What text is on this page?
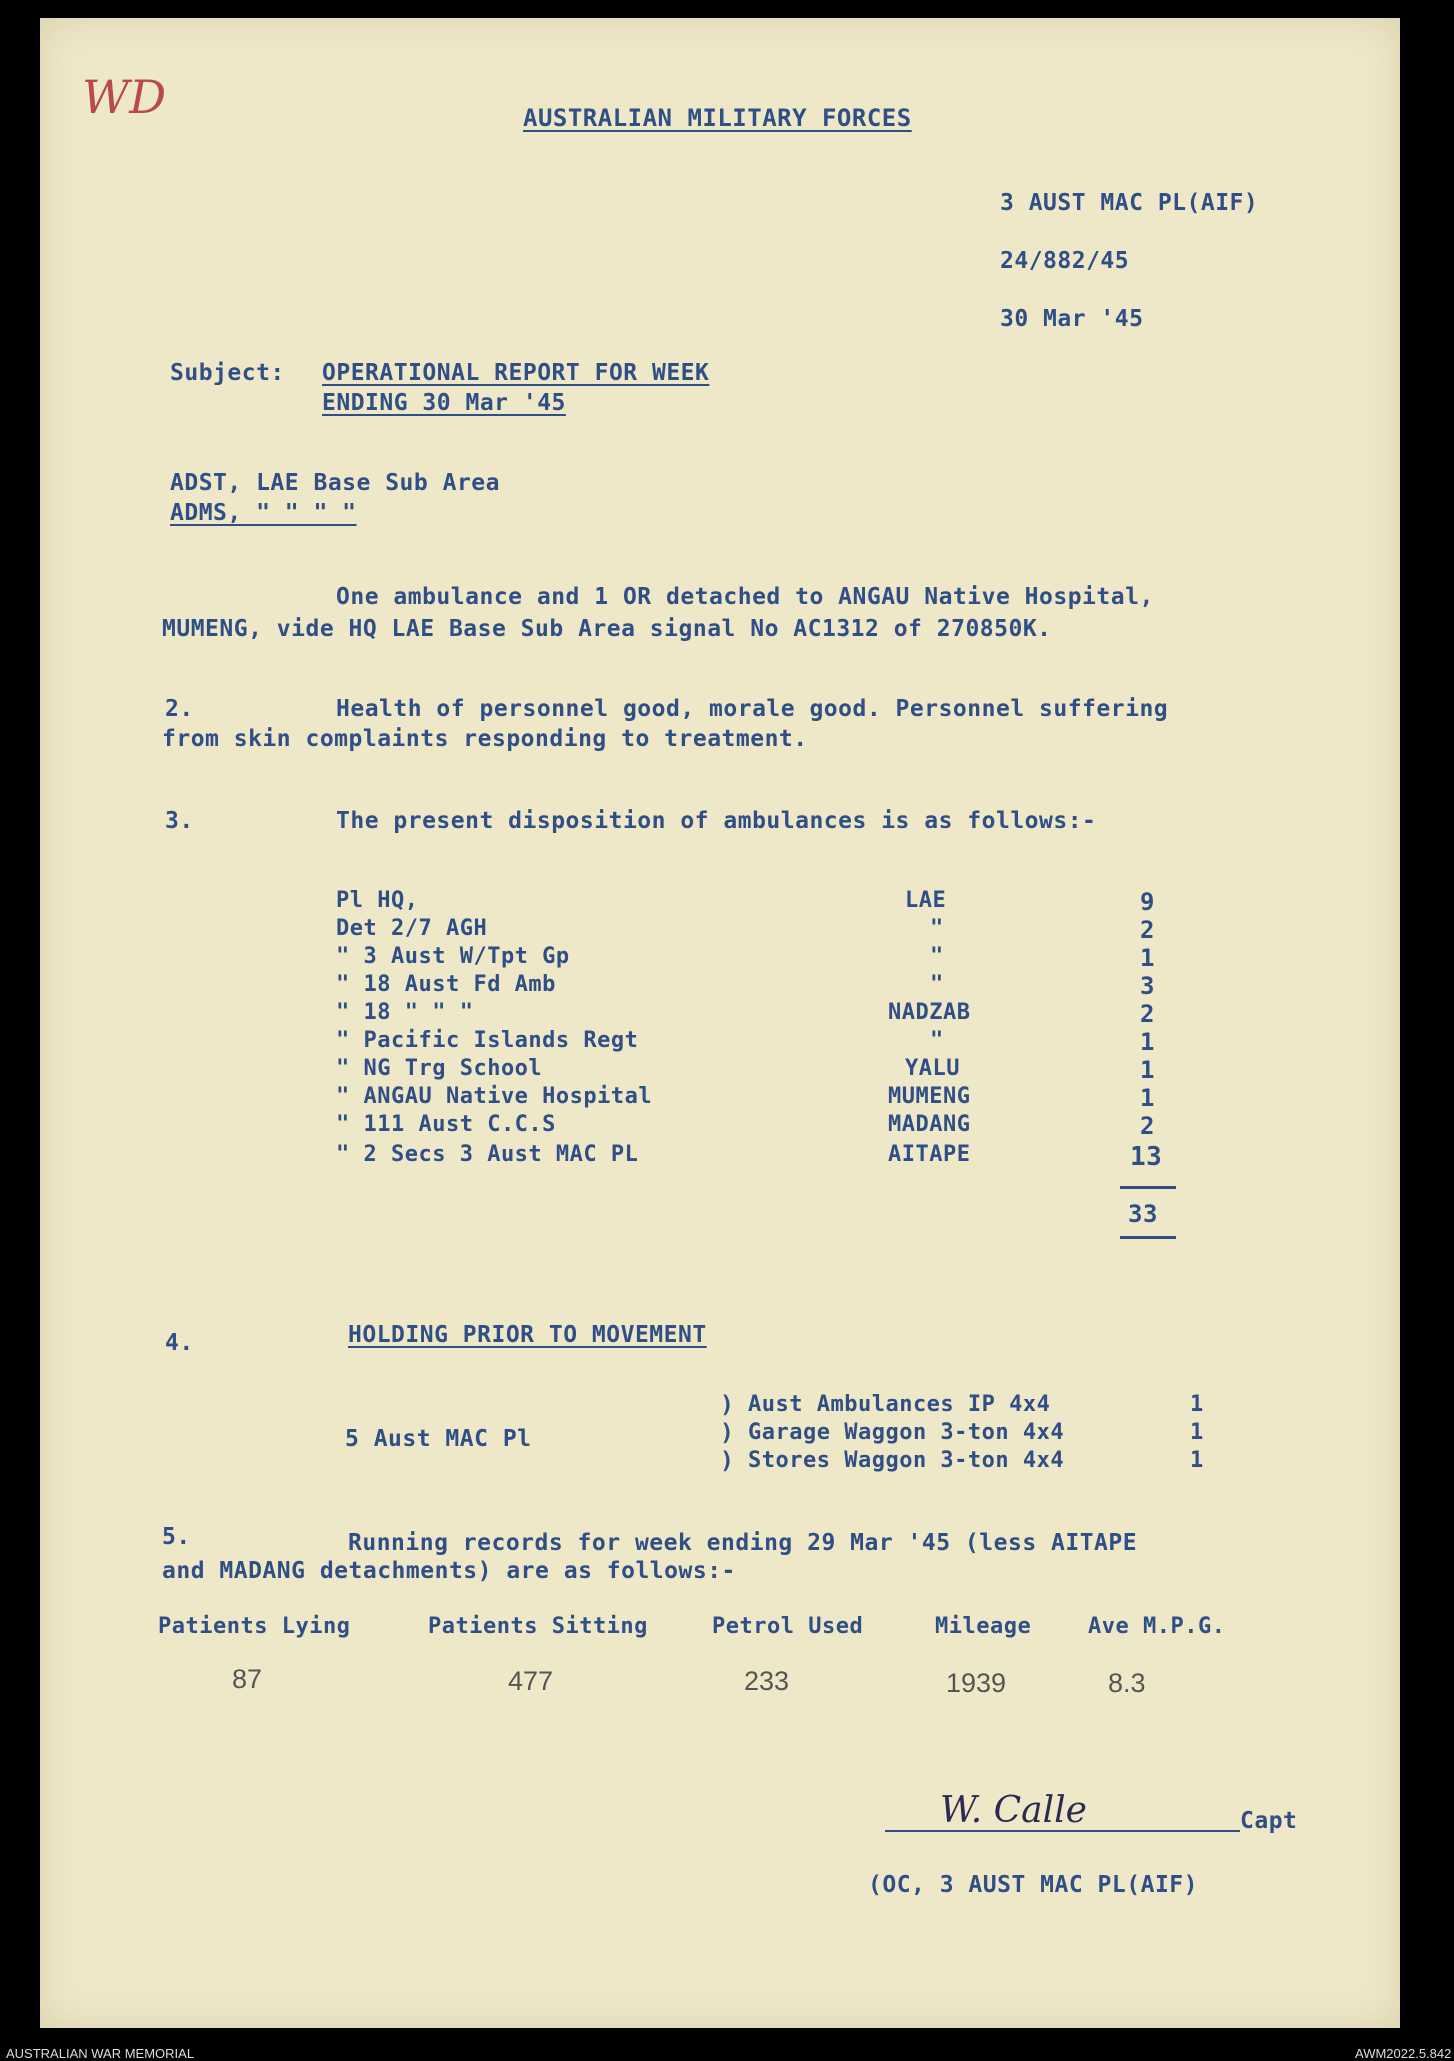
WD	AUSTRALIAN MILITARY FORCES
3 AUST MAC PL(AIF)
24/882/45
30 Mar '45
Subject: OPERATIONAL REPORT FOR WEEK
ENDING 30 Mar '45
ADST, LAE Base Sub Area
ADMS, " " " "
One ambulance and 1 OR detached to ANGAU Native Hospital,
MUMENG, vide HQ LAE Base Sub Area signal No AC1312 of 270850K.
2.	Health of personnel good, morale good. Personnel suffering
from skin complaints responding to treatment.
3.	The present disposition of ambulances is as follows:-
Pl HQ,	LAE	9
Det 2/7 AGH	"	2
" 3 Aust W/Tpt Gp	"	1
" 18 Aust Fd Amb	"	3
" 18 " " "	NADZAB	2
" Pacific Islands Regt	"	1
" NG Trg School	YALU	1
" ANGAU Native Hospital	MUMENG	1
" 111 Aust C.C.S	MADANG	2
" 2 Secs 3 Aust MAC PL	AITAPE	13
33
4.	HOLDING PRIOR TO MOVEMENT
5 Aust MAC Pl
)
)
)
Aust Ambulances IP 4x4	1
Garage Waggon 3-ton 4x4	1
Stores Waggon 3-ton 4x4	1
5.	Running records for week ending 29 Mar '45 (less AITAPE
and MADANG detachments) are as follows:-
Patients Lying	Patients Sitting	Petrol Used	Mileage	Ave M.P.G.
87	477	233	1939	8.3
W. Calle	Capt
(OC, 3 AUST MAC PL(AIF)
AUSTRALIAN WAR MEMORIAL	AWM2022.5.842
